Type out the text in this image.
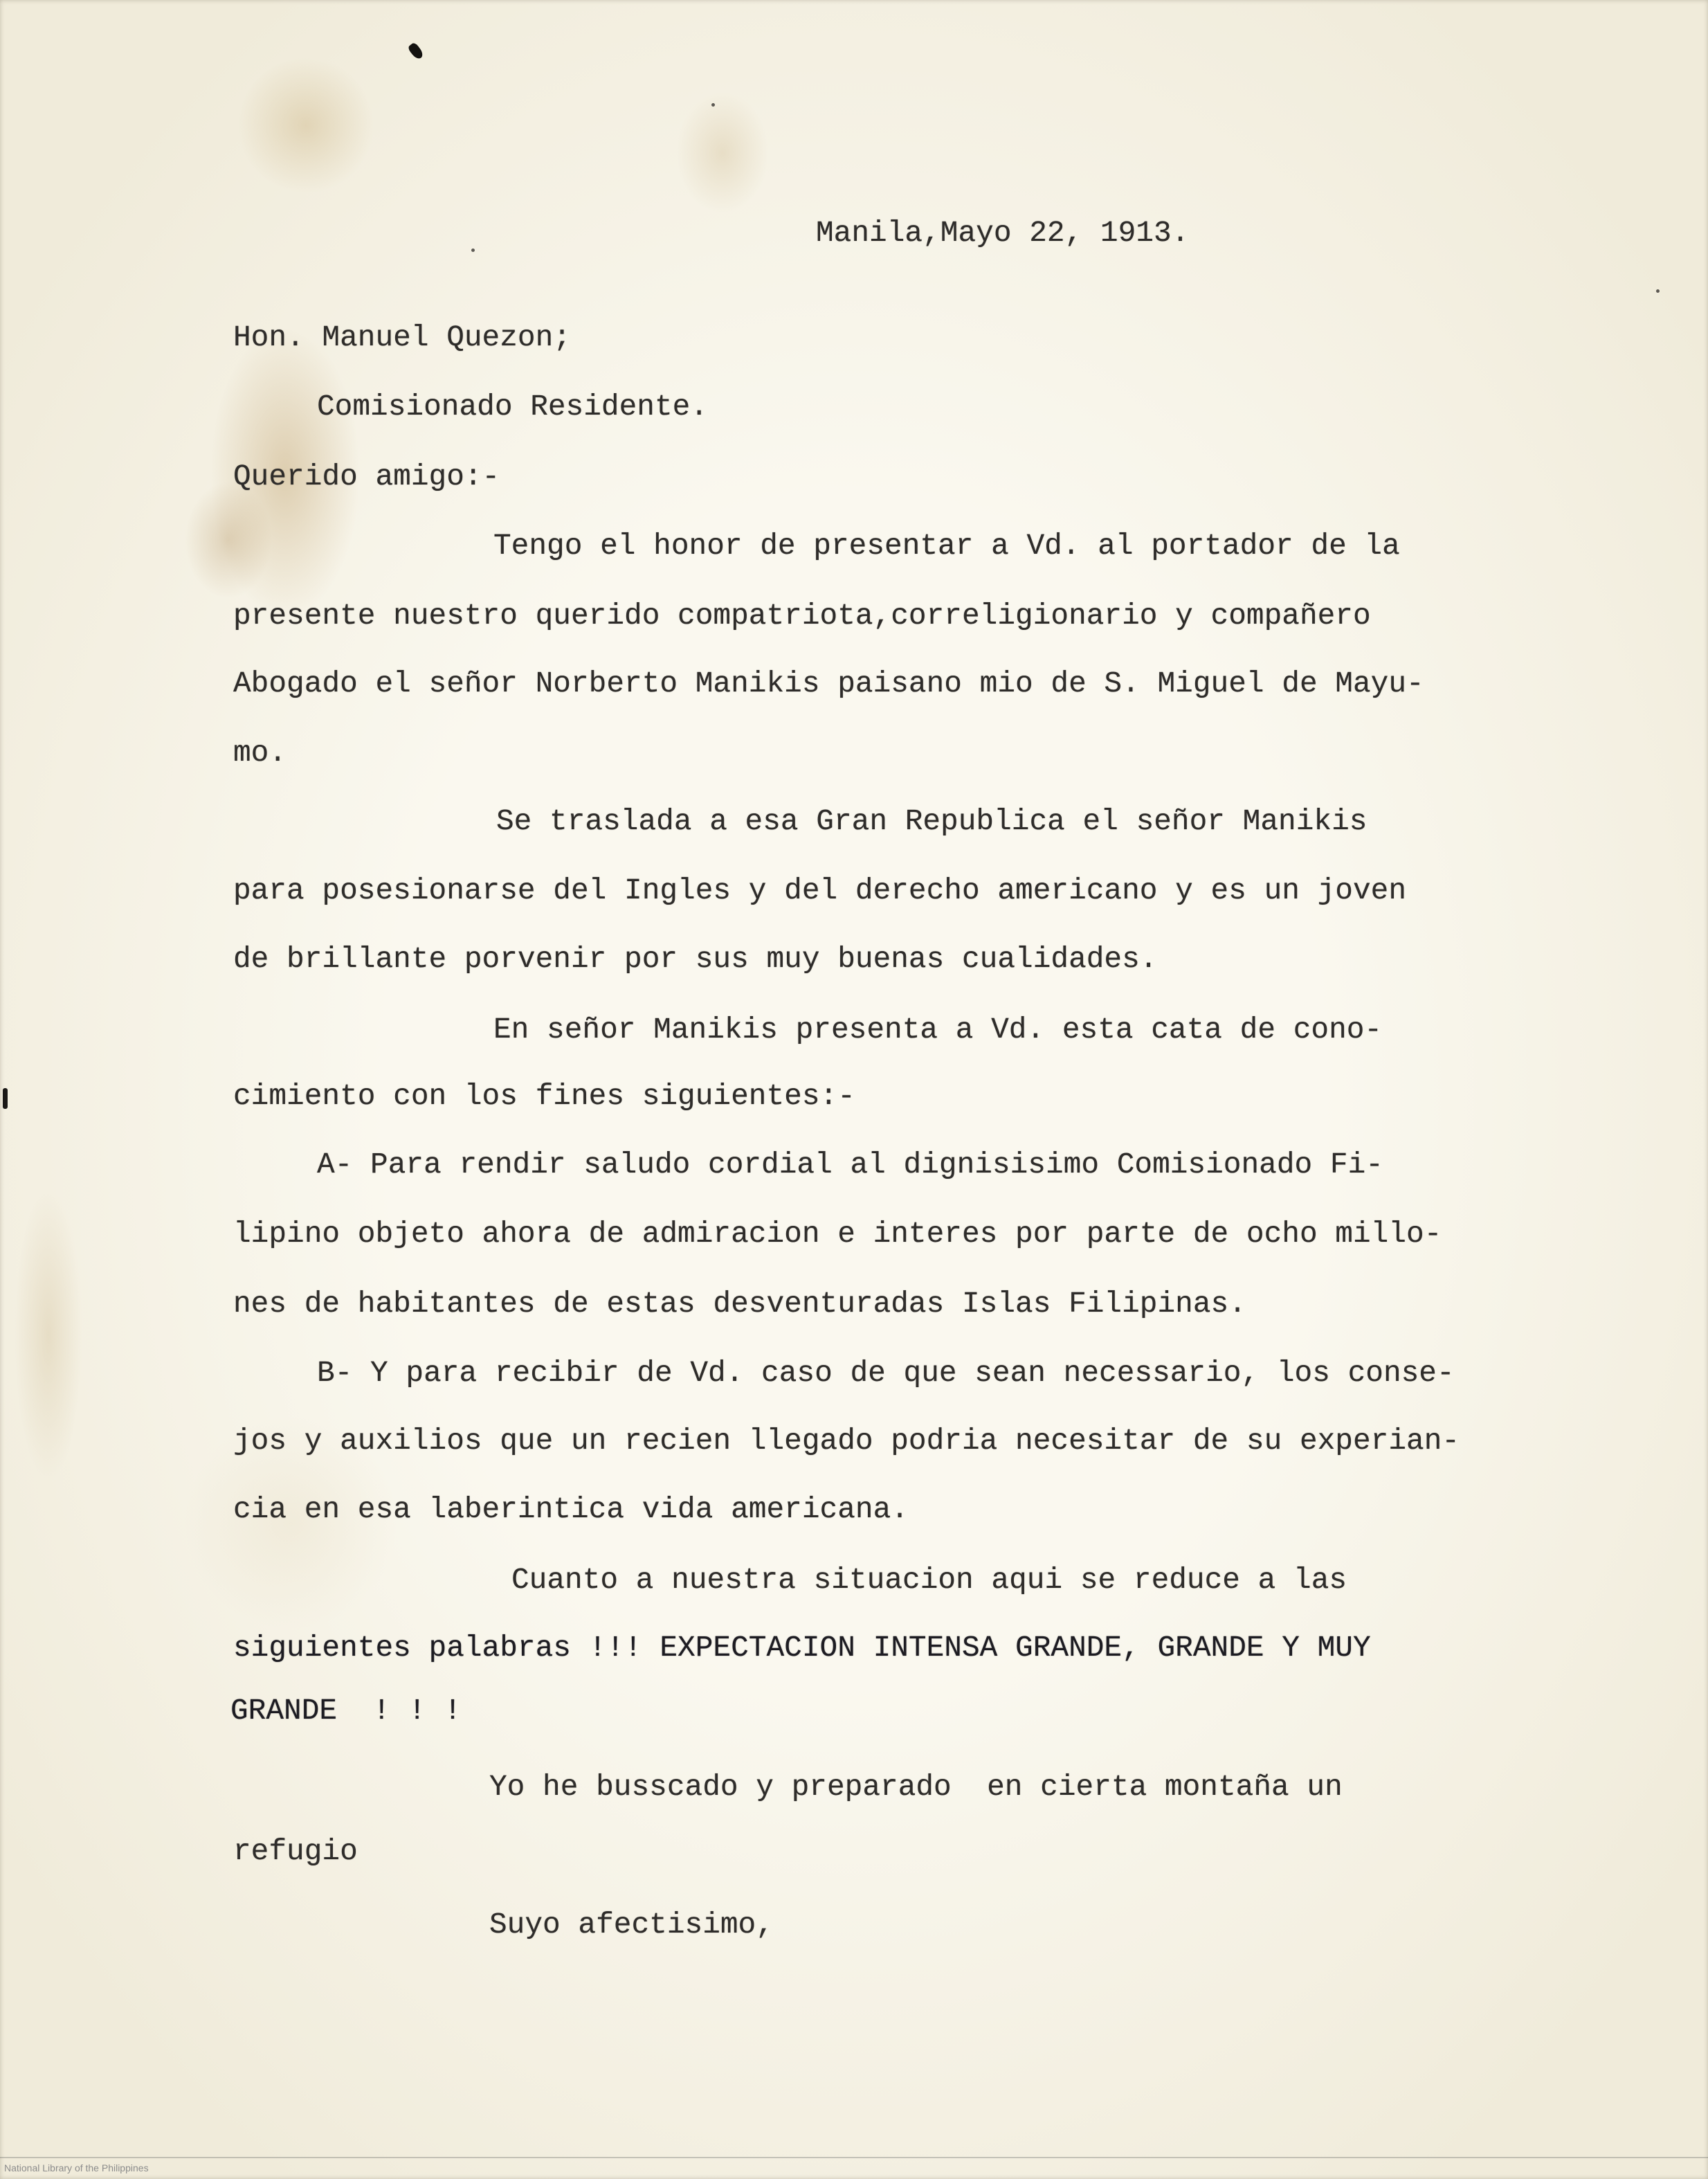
Manila,Mayo 22, 1913.
Hon. Manuel Quezon;
Comisionado Residente.
Querido amigo:-
Tengo el honor de presentar a Vd. al portador de la
presente nuestro querido compatriota,correligionario y compañero
Abogado el señor Norberto Manikis paisano mio de S. Miguel de Mayu-
mo.
Se traslada a esa Gran Republica el señor Manikis
para posesionarse del Ingles y del derecho americano y es un joven
de brillante porvenir por sus muy buenas cualidades.
En señor Manikis presenta a Vd. esta cata de cono-
cimiento con los fines siguientes:-
A- Para rendir saludo cordial al dignisisimo Comisionado Fi-
lipino objeto ahora de admiracion e interes por parte de ocho millo-
nes de habitantes de estas desventuradas Islas Filipinas.
B- Y para recibir de Vd. caso de que sean necessario, los conse-
jos y auxilios que un recien llegado podria necesitar de su experian-
cia en esa laberintica vida americana.
Cuanto a nuestra situacion aqui se reduce a las
siguientes palabras !!! EXPECTACION INTENSA GRANDE, GRANDE Y MUY
GRANDE  ! ! !
Yo he busscado y preparado  en cierta montaña un
refugio
Suyo afectisimo,
National Library of the Philippines
